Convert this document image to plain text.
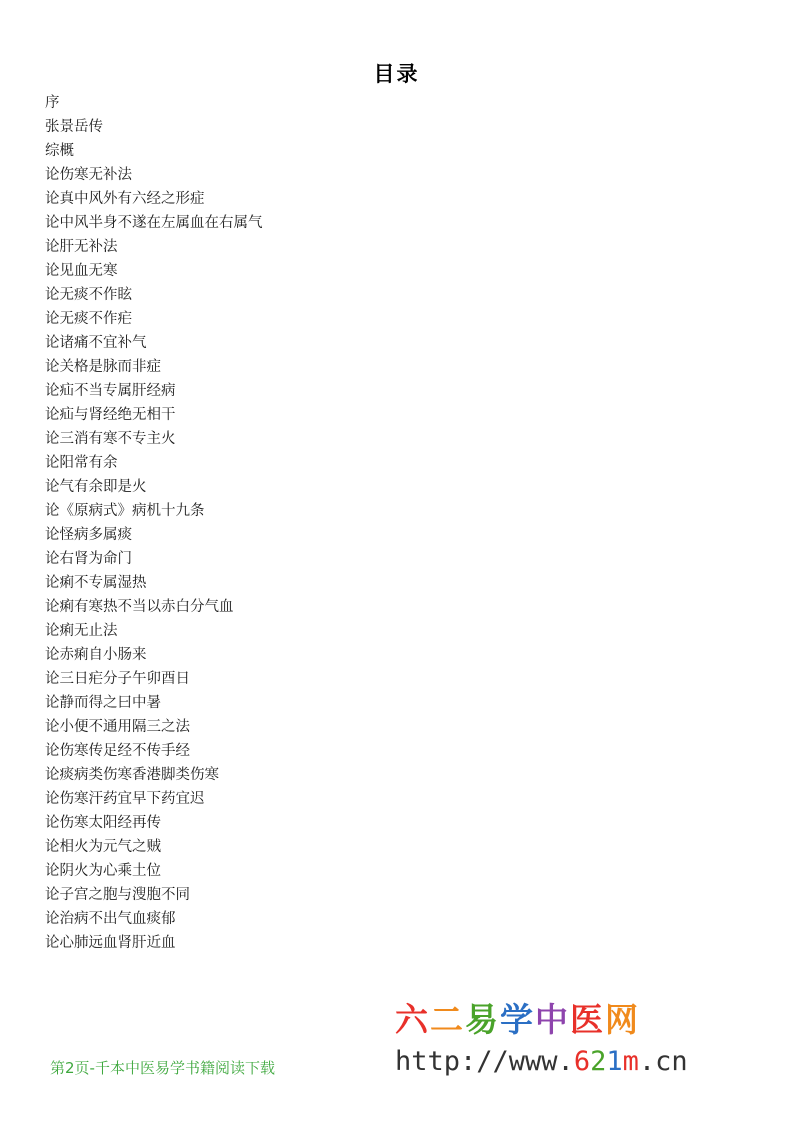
目录
序
张景岳传
综概
论伤寒无补法
论真中风外有六经之形症
论中风半身不遂在左属血在右属气
论肝无补法
论见血无寒
论无痰不作眩
论无痰不作疟
论诸痛不宜补气
论关格是脉而非症
论疝不当专属肝经病
论疝与肾经绝无相干
论三消有寒不专主火
论阳常有余
论气有余即是火
论《原病式》病机十九条
论怪病多属痰
论右肾为命门
论痢不专属湿热
论痢有寒热不当以赤白分气血
论痢无止法
论赤痢自小肠来
论三日疟分子午卯酉日
论静而得之曰中暑
论小便不通用隔三之法
论伤寒传足经不传手经
论痰病类伤寒香港脚类伤寒
论伤寒汗药宜早下药宜迟
论伤寒太阳经再传
论相火为元气之贼
论阴火为心乘土位
论子宫之胞与溲胞不同
论治病不出气血痰郁
论心肺远血肾肝近血
第2页-千本中医易学书籍阅读下载
六二易学中医网
http://www.621m.cn
